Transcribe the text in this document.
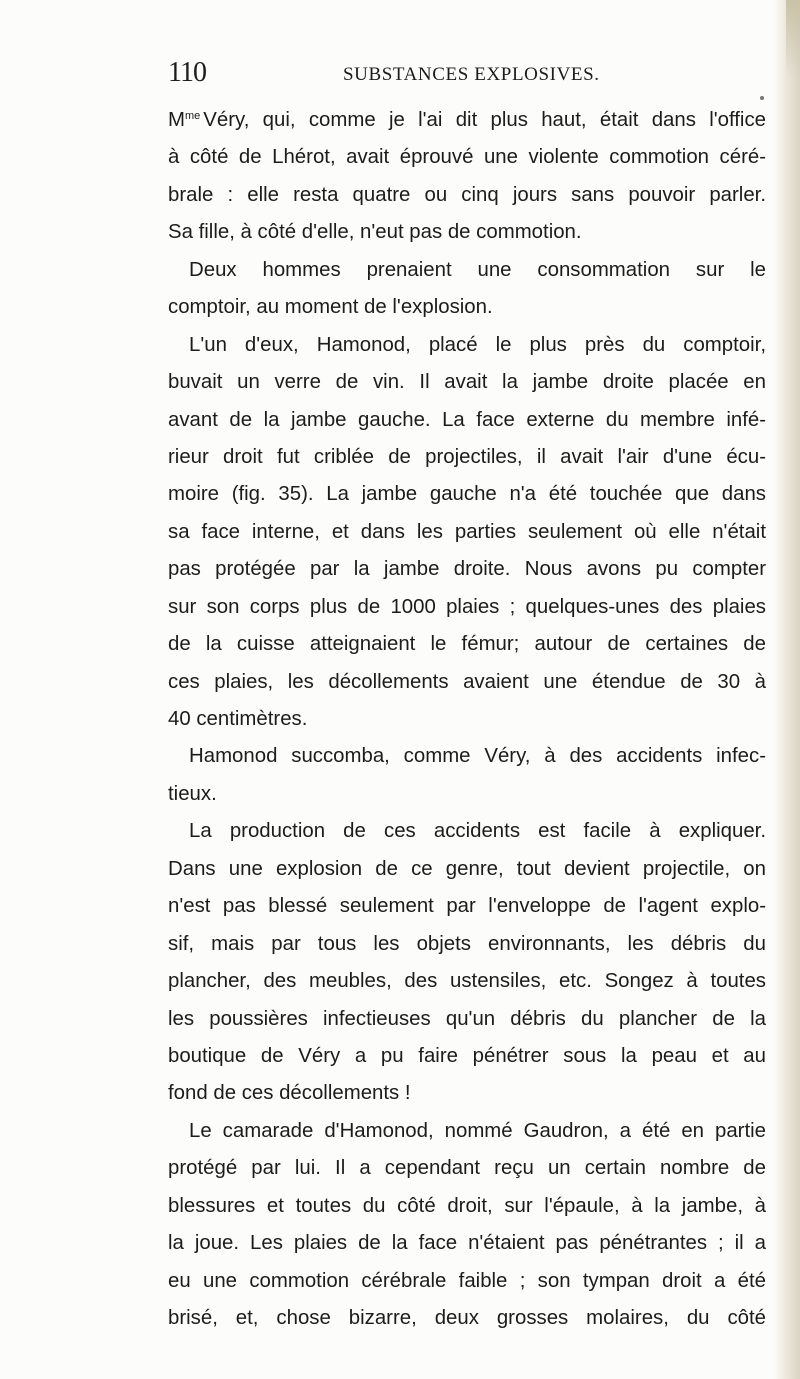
110	SUBSTANCES EXPLOSIVES.
$M^{me}$ Véry, qui, comme je l'ai dit plus haut, était dans l'office
à côté de Lhérot, avait éprouvé une violente commotion céré-
brale : elle resta quatre ou cinq jours sans pouvoir parler.
Sa fille, à côté d'elle, n'eut pas de commotion.
Deux hommes prenaient une consommation sur le
comptoir, au moment de l'explosion.
L'un d'eux, Hamonod, placé le plus près du comptoir,
buvait un verre de vin. Il avait la jambe droite placée en
avant de la jambe gauche. La face externe du membre infé-
rieur droit fut criblée de projectiles, il avait l'air d'une écu-
moire (fig. 35). La jambe gauche n'a été touchée que dans
sa face interne, et dans les parties seulement où elle n'était
pas protégée par la jambe droite. Nous avons pu compter
sur son corps plus de 1000 plaies ; quelques-unes des plaies
de la cuisse atteignaient le fémur; autour de certaines de
ces plaies, les décollements avaient une étendue de 30 à
40 centimètres.
Hamonod succomba, comme Véry, à des accidents infec-
tieux.
La production de ces accidents est facile à expliquer.
Dans une explosion de ce genre, tout devient projectile, on
n'est pas blessé seulement par l'enveloppe de l'agent explo-
sif, mais par tous les objets environnants, les débris du
plancher, des meubles, des ustensiles, etc. Songez à toutes
les poussières infectieuses qu'un débris du plancher de la
boutique de Véry a pu faire pénétrer sous la peau et au
fond de ces décollements !
Le camarade d'Hamonod, nommé Gaudron, a été en partie
protégé par lui. Il a cependant reçu un certain nombre de
blessures et toutes du côté droit, sur l'épaule, à la jambe, à
la joue. Les plaies de la face n'étaient pas pénétrantes ; il a
eu une commotion cérébrale faible ; son tympan droit a été
brisé, et, chose bizarre, deux grosses molaires, du côté
